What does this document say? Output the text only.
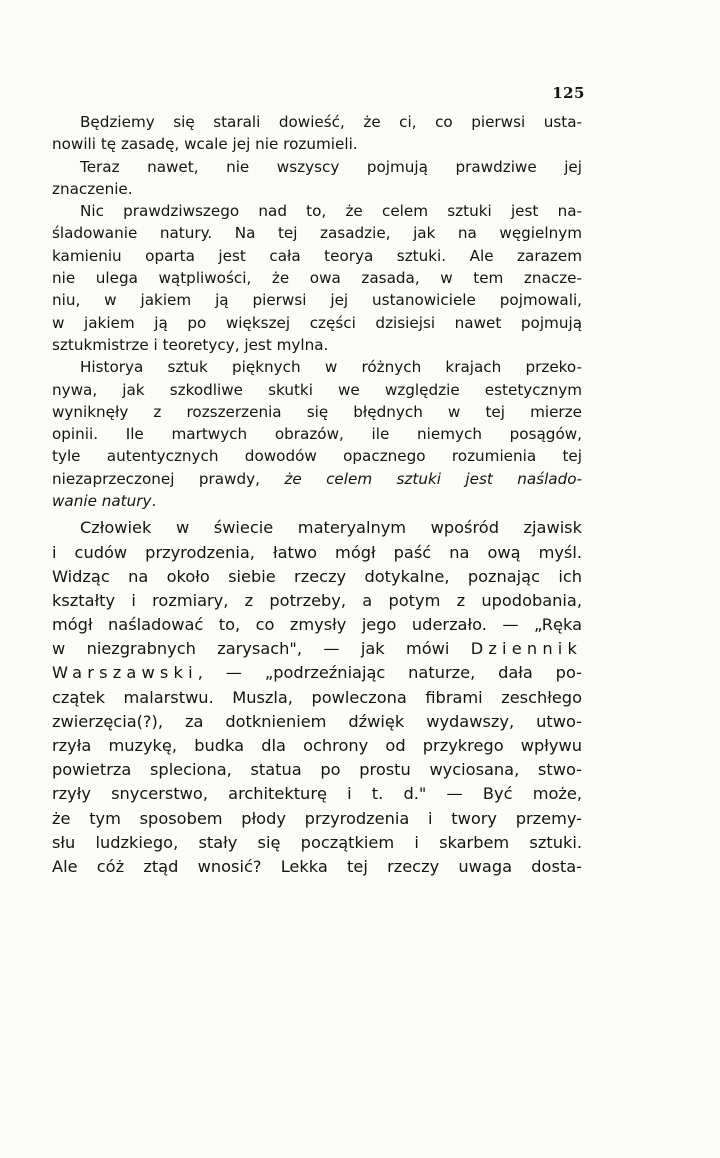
125
Będziemy się starali dowieść, że ci, co pierwsi usta-
nowili tę zasadę, wcale jej nie rozumieli.
Teraz nawet, nie wszyscy pojmują prawdziwe jej
znaczenie.
Nic prawdziwszego nad to, że celem sztuki jest na-
śladowanie natury. Na tej zasadzie, jak na węgielnym
kamieniu oparta jest cała teorya sztuki. Ale zarazem
nie ulega wątpliwości, że owa zasada, w tem znacze-
niu, w jakiem ją pierwsi jej ustanowiciele pojmowali,
w jakiem ją po większej części dzisiejsi nawet pojmują
sztukmistrze i teoretycy, jest mylna.
Historya sztuk pięknych w różnych krajach przeko-
nywa, jak szkodliwe skutki we względzie estetycznym
wyniknęły z rozszerzenia się błędnych w tej mierze
opinii. Ile martwych obrazów, ile niemych posągów,
tyle autentycznych dowodów opacznego rozumienia tej
niezaprzeczonej prawdy, że celem sztuki jest naślado-
wanie natury.
Człowiek w świecie materyalnym wpośród zjawisk
i cudów przyrodzenia, łatwo mógł paść na ową myśl.
Widząc na około siebie rzeczy dotykalne, poznając ich
kształty i rozmiary, z potrzeby, a potym z upodobania,
mógł naśladować to, co zmysły jego uderzało. — „Ręka
w niezgrabnych zarysach", — jak mówi Dziennik
Warszawski, — „podrzeźniając naturze, dała po-
czątek malarstwu. Muszla, powleczona fibrami zeschłego
zwierzęcia(?), za dotknieniem dźwięk wydawszy, utwo-
rzyła muzykę, budka dla ochrony od przykrego wpływu
powietrza spleciona, statua po prostu wyciosana, stwo-
rzyły snycerstwo, architekturę i t. d." — Być może,
że tym sposobem płody przyrodzenia i twory przemy-
słu ludzkiego, stały się początkiem i skarbem sztuki.
Ale cóż ztąd wnosić? Lekka tej rzeczy uwaga dosta-
